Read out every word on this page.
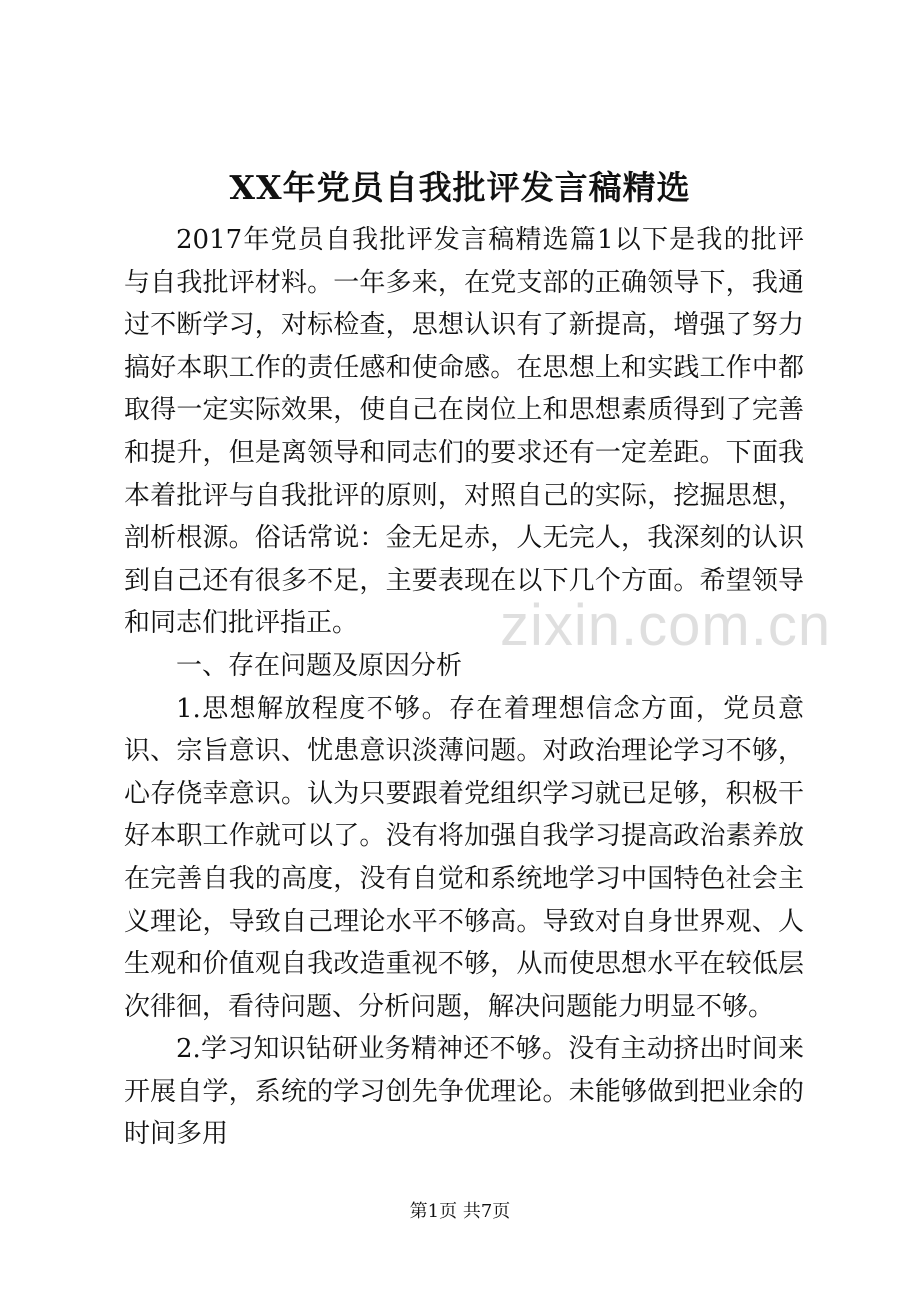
XX年党员自我批评发言稿精选

2017年党员自我批评发言稿精选篇1以下是我的批评与自我批评材料。一年多来，在党支部的正确领导下，我通过不断学习，对标检查，思想认识有了新提高，增强了努力搞好本职工作的责任感和使命感。在思想上和实践工作中都取得一定实际效果，使自己在岗位上和思想素质得到了完善和提升，但是离领导和同志们的要求还有一定差距。下面我本着批评与自我批评的原则，对照自己的实际，挖掘思想，剖析根源。俗话常说：金无足赤，人无完人，我深刻的认识到自己还有很多不足，主要表现在以下几个方面。希望领导和同志们批评指正。

一、存在问题及原因分析

1.思想解放程度不够。存在着理想信念方面，党员意识、宗旨意识、忧患意识淡薄问题。对政治理论学习不够，心存侥幸意识。认为只要跟着党组织学习就已足够，积极干好本职工作就可以了。没有将加强自我学习提高政治素养放在完善自我的高度，没有自觉和系统地学习中国特色社会主义理论，导致自己理论水平不够高。导致对自身世界观、人生观和价值观自我改造重视不够，从而使思想水平在较低层次徘徊，看待问题、分析问题，解决问题能力明显不够。

2.学习知识钻研业务精神还不够。没有主动挤出时间来开展自学，系统的学习创先争优理论。未能够做到把业余的时间多用

zixin.com.cn
第1页 共7页
